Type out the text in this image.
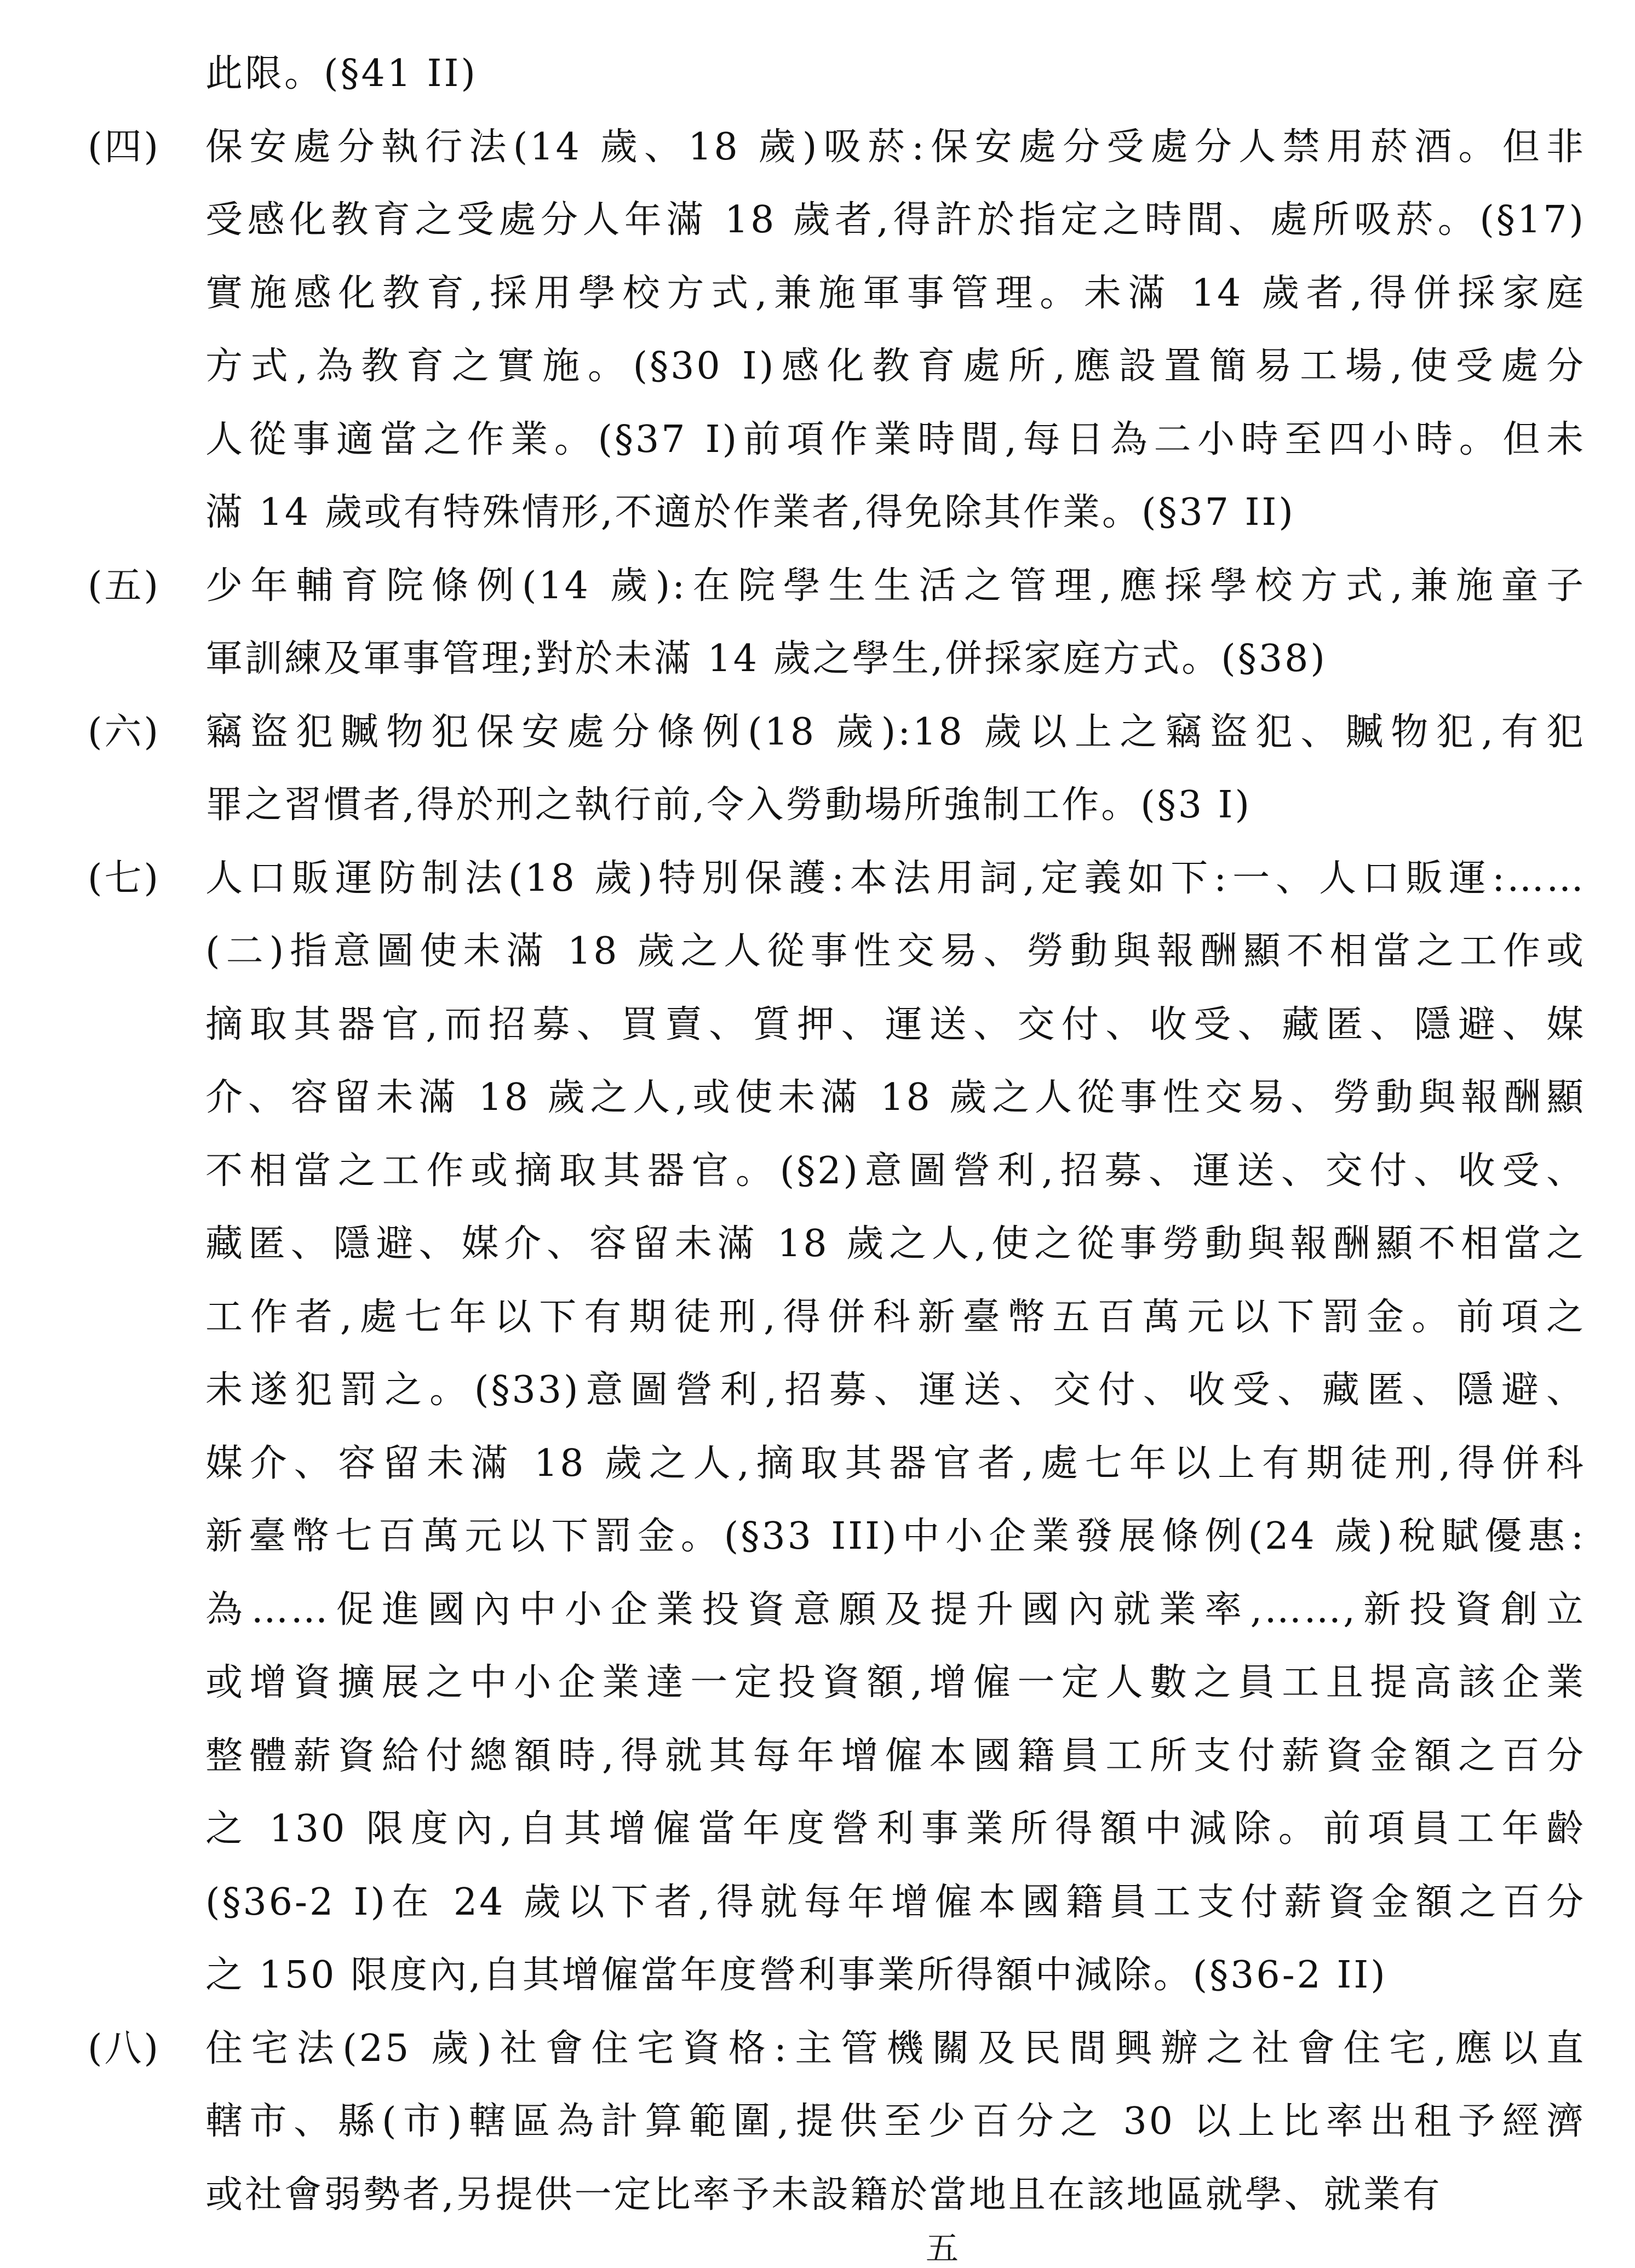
此限。(§41 II)
(四)	保安處分執行法(14 歲、18 歲)吸菸:保安處分受處分人禁用菸酒。但非
受感化教育之受處分人年滿 18 歲者,得許於指定之時間、處所吸菸。(§17)
實施感化教育,採用學校方式,兼施軍事管理。未滿 14 歲者,得併採家庭
方式,為教育之實施。(§30 I)感化教育處所,應設置簡易工場,使受處分
人從事適當之作業。(§37 I)前項作業時間,每日為二小時至四小時。但未
滿 14 歲或有特殊情形,不適於作業者,得免除其作業。(§37 II)
(五)	少年輔育院條例(14 歲):在院學生生活之管理,應採學校方式,兼施童子
軍訓練及軍事管理;對於未滿 14 歲之學生,併採家庭方式。(§38)
(六)	竊盜犯贓物犯保安處分條例(18 歲):18 歲以上之竊盜犯、贓物犯,有犯
罪之習慣者,得於刑之執行前,令入勞動場所強制工作。(§3 I)
(七)	人口販運防制法(18 歲)特別保護:本法用詞,定義如下:一、人口販運:……
(二)指意圖使未滿 18 歲之人從事性交易、勞動與報酬顯不相當之工作或
摘取其器官,而招募、買賣、質押、運送、交付、收受、藏匿、隱避、媒
介、容留未滿 18 歲之人,或使未滿 18 歲之人從事性交易、勞動與報酬顯
不相當之工作或摘取其器官。(§2)意圖營利,招募、運送、交付、收受、
藏匿、隱避、媒介、容留未滿 18 歲之人,使之從事勞動與報酬顯不相當之
工作者,處七年以下有期徒刑,得併科新臺幣五百萬元以下罰金。前項之
未遂犯罰之。(§33)意圖營利,招募、運送、交付、收受、藏匿、隱避、
媒介、容留未滿 18 歲之人,摘取其器官者,處七年以上有期徒刑,得併科
新臺幣七百萬元以下罰金。(§33 III)中小企業發展條例(24 歲)稅賦優惠:
為……促進國內中小企業投資意願及提升國內就業率,……,新投資創立
或增資擴展之中小企業達一定投資額,增僱一定人數之員工且提高該企業
整體薪資給付總額時,得就其每年增僱本國籍員工所支付薪資金額之百分
之 130 限度內,自其增僱當年度營利事業所得額中減除。前項員工年齡
(§36-2 I)在 24 歲以下者,得就每年增僱本國籍員工支付薪資金額之百分
之 150 限度內,自其增僱當年度營利事業所得額中減除。(§36-2 II)
(八)	住宅法(25 歲)社會住宅資格:主管機關及民間興辦之社會住宅,應以直
轄市、縣(市)轄區為計算範圍,提供至少百分之 30 以上比率出租予經濟
或社會弱勢者,另提供一定比率予未設籍於當地且在該地區就學、就業有
五
